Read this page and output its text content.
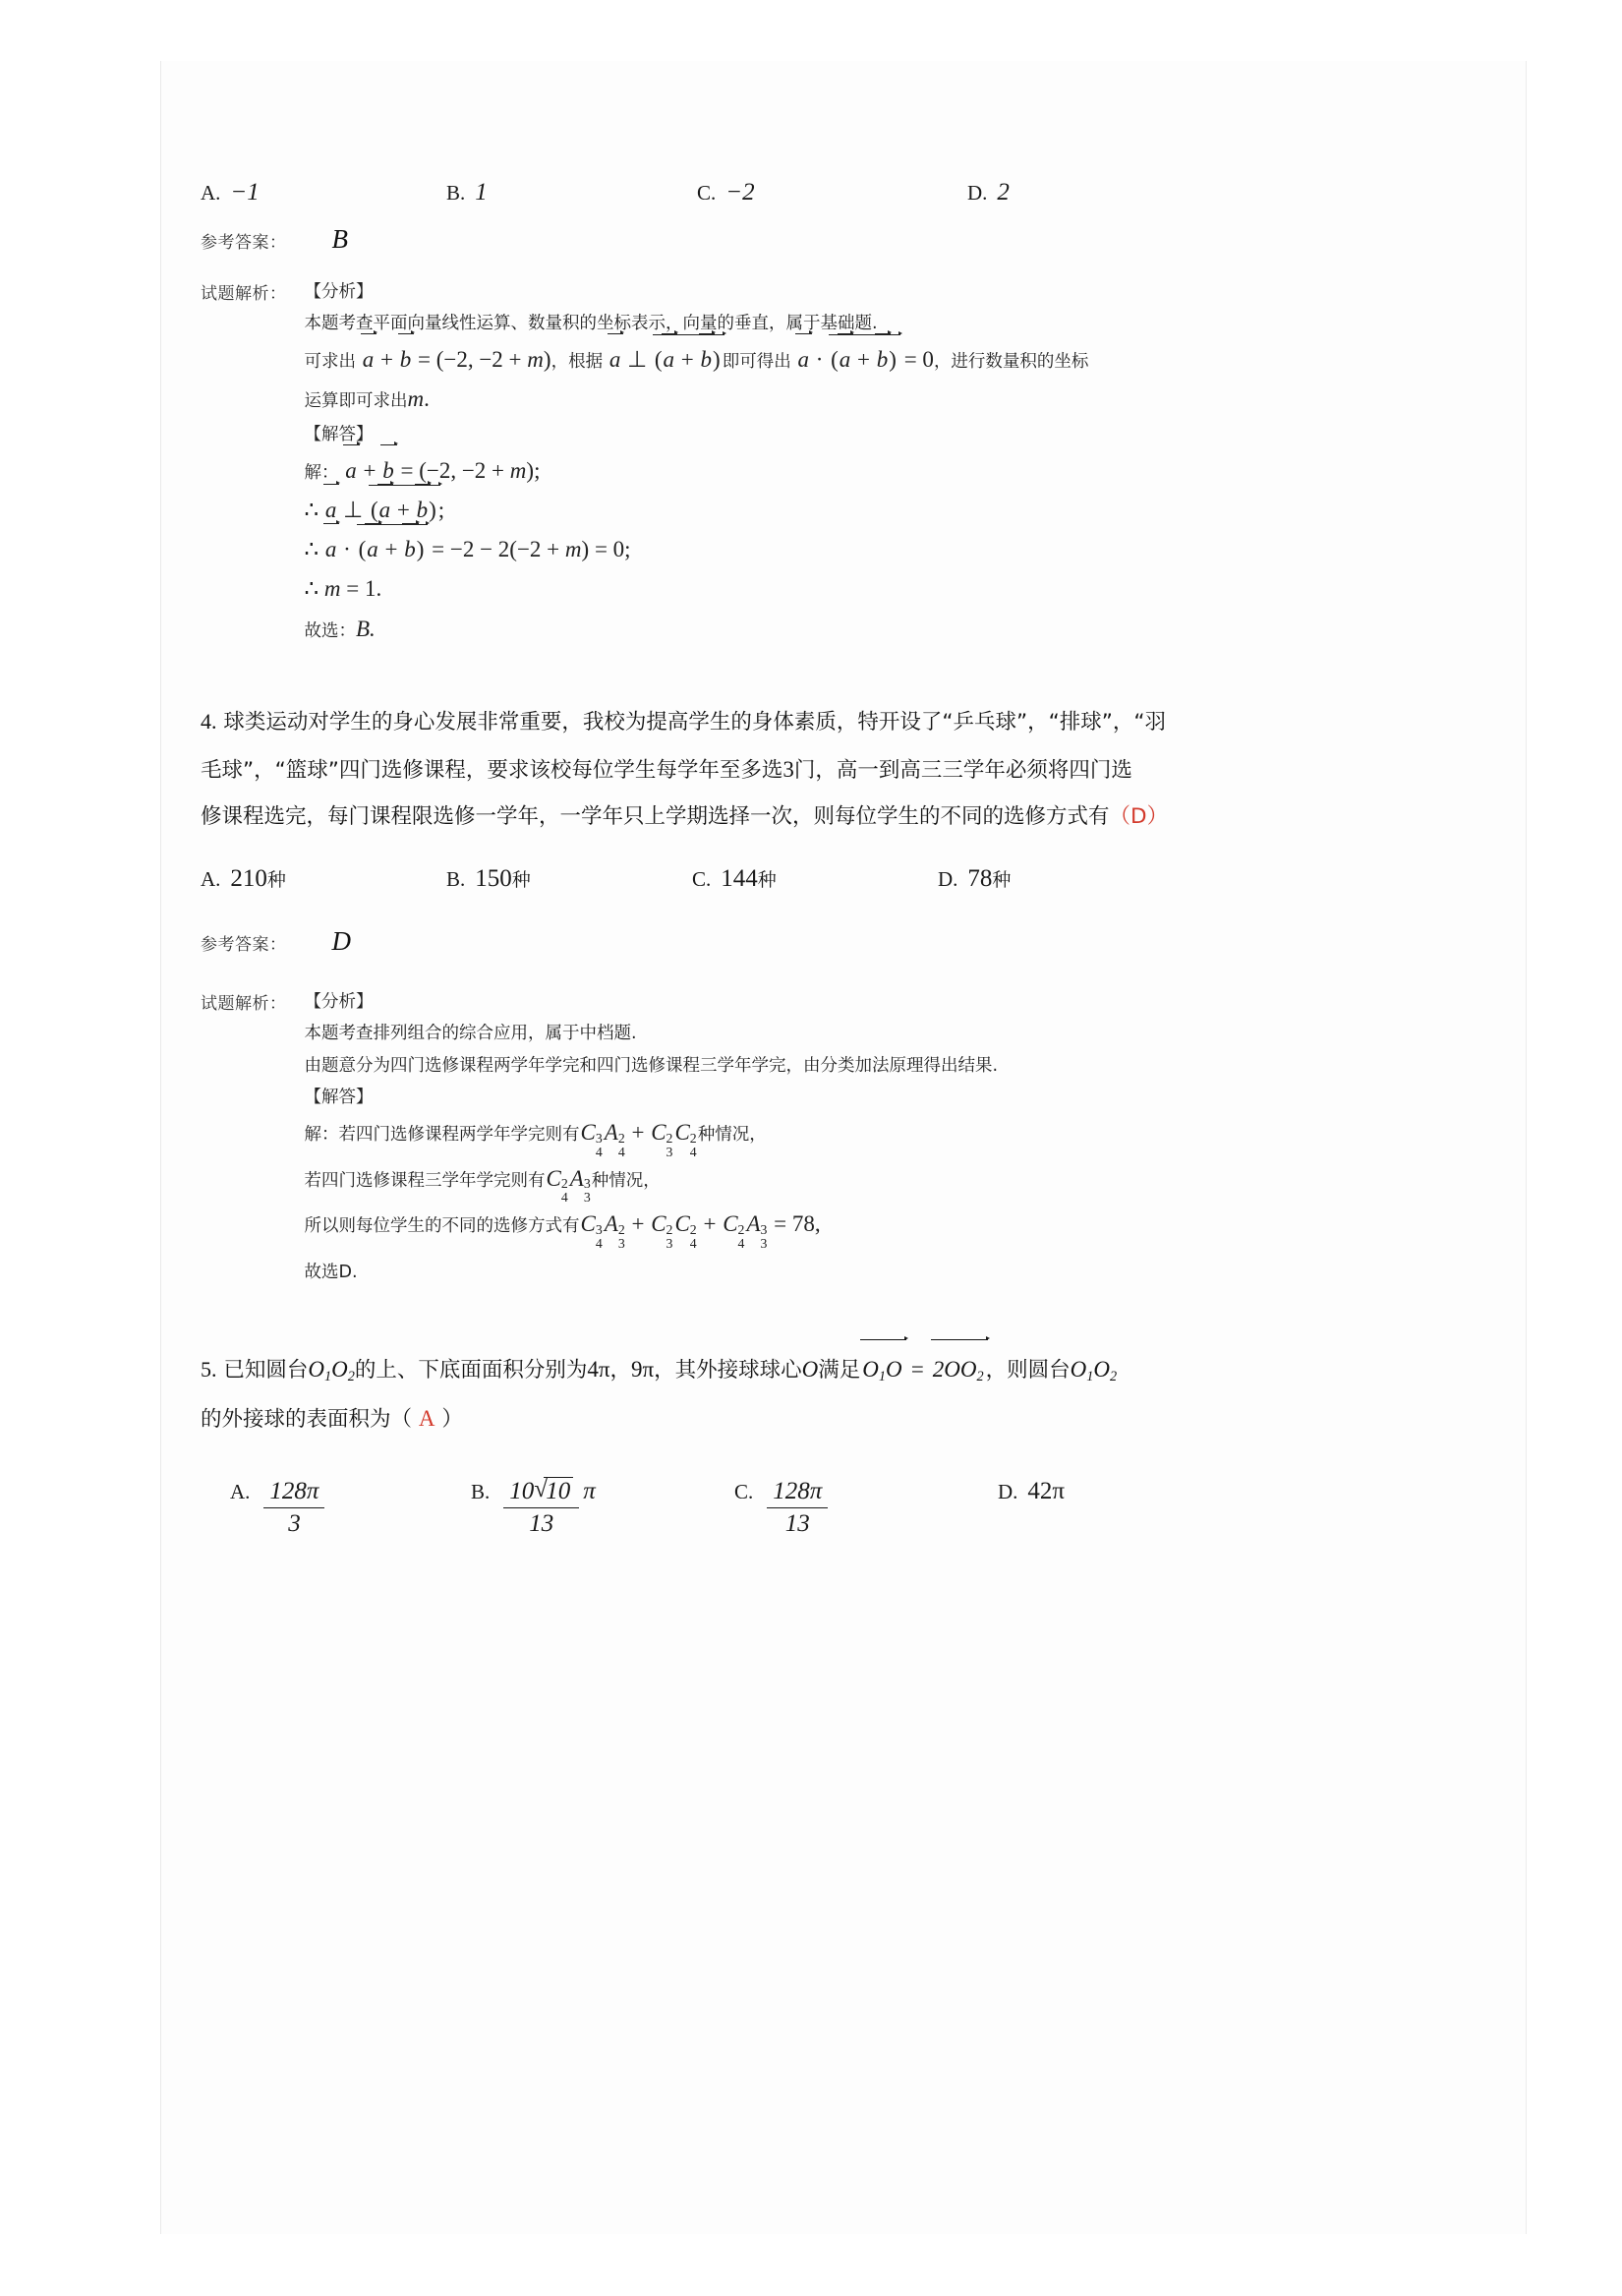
A. −1	B. 1	C. −2	D. 2
参考答案： B
试题解析： 【分析】
本题考查平面向量线性运算、数量积的坐标表示，向量的垂直，属于基础题.
可求出 a + b = (−2, −2 + m)，根据 a ⊥ (a + b) 即可得出 a · (a + b) = 0，进行数量积的坐标
运算即可求出m.
【解答】
解： a + b = (−2, −2 + m);
∴ a ⊥ (a + b);
∴ a · (a + b) = −2 − 2(−2 + m) = 0;
∴ m = 1.
故选：B.
4. 球类运动对学生的身心发展非常重要，我校为提高学生的身体素质，特开设了“乒乓球”，“排球”，“羽
毛球”，“篮球”四门选修课程，要求该校每位学生每学年至多选3门，高一到高三三学年必须将四门选
修课程选完，每门课程限选修一学年，一学年只上学期选择一次，则每位学生的不同的选修方式有（D）
A. 210 种	B. 150 种	C. 144 种	D. 78 种
参考答案： D
试题解析： 【分析】
本题考查排列组合的综合应用，属于中档题.
由题意分为四门选修课程两学年学完和四门选修课程三学年学完，由分类加法原理得出结果.
【解答】
解：若四门选修课程两学年学完则有C 3
4
A 2
4
+ C 2
3
C 2
4
种情况，
若四门选修课程三学年学完则有C 2
4
A 3
3
种情况，
所以则每位学生的不同的选修方式有C 3
4
A 2
3
+ C 2
3
C 2
4
+ C 2
4
A 3
3
= 78,
故选D.
5. 已知圆台$O_1O_2$的上、下底面面积分别为4π，9π，其外接球球心O满足$O_1O = 2OO_2$，则圆台$O_1O_2$
的外接球的表面积为（ A ）
A. $\frac{128\pi}{3}$	B. $\frac{10 √ 10}{13}$ π	C. $\frac{128\pi}{13}$	D. 42π
